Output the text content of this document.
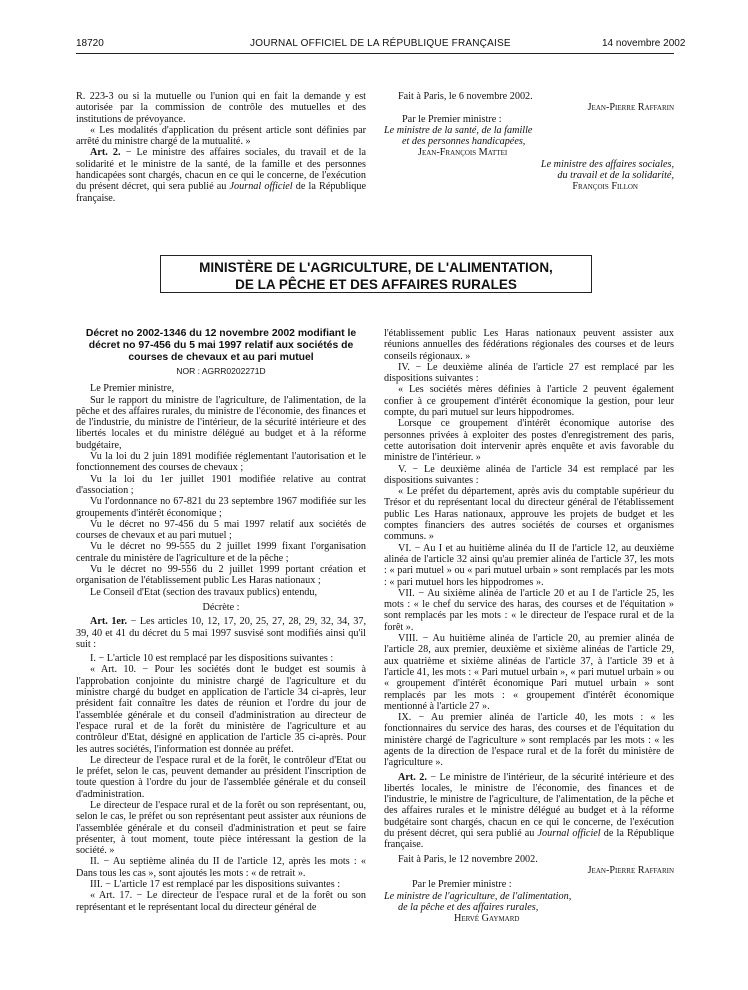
18720	JOURNAL OFFICIEL DE LA RÉPUBLIQUE FRANÇAISE	14 novembre 2002

R. 223-3 ou si la mutuelle ou l'union qui en fait la demande y est autorisée par la commission de contrôle des mutuelles et des institutions de prévoyance.

« Les modalités d'application du présent article sont définies par arrêté du ministre chargé de la mutualité. »

Art. 2. − Le ministre des affaires sociales, du travail et de la solidarité et le ministre de la santé, de la famille et des personnes handicapées sont chargés, chacun en ce qui le concerne, de l'exécution du présent décret, qui sera publié au Journal officiel de la République française.

Fait à Paris, le 6 novembre 2002.

Jean-Pierre Raffarin

Par le Premier ministre :

Le ministre de la santé, de la famille

et des personnes handicapées,

Jean-François Mattei

Le ministre des affaires sociales,

du travail et de la solidarité,

François Fillon

MINISTÈRE DE L'AGRICULTURE, DE L'ALIMENTATION,
DE LA PÊCHE ET DES AFFAIRES RURALES

Décret no 2002-1346 du 12 novembre 2002 modifiant le décret no 97-456 du 5 mai 1997 relatif aux sociétés de courses de chevaux et au pari mutuel

NOR : AGRR0202271D

Le Premier ministre,

Sur le rapport du ministre de l'agriculture, de l'alimentation, de la pêche et des affaires rurales, du ministre de l'économie, des finances et de l'industrie, du ministre de l'intérieur, de la sécurité intérieure et des libertés locales et du ministre délégué au budget et à la réforme budgétaire,

Vu la loi du 2 juin 1891 modifiée réglementant l'autorisation et le fonctionnement des courses de chevaux ;

Vu la loi du 1er juillet 1901 modifiée relative au contrat d'association ;

Vu l'ordonnance no 67-821 du 23 septembre 1967 modifiée sur les groupements d'intérêt économique ;

Vu le décret no 97-456 du 5 mai 1997 relatif aux sociétés de courses de chevaux et au pari mutuel ;

Vu le décret no 99-555 du 2 juillet 1999 fixant l'organisation centrale du ministère de l'agriculture et de la pêche ;

Vu le décret no 99-556 du 2 juillet 1999 portant création et organisation de l'établissement public Les Haras nationaux ;

Le Conseil d'Etat (section des travaux publics) entendu,

Décrète :

Art. 1er. − Les articles 10, 12, 17, 20, 25, 27, 28, 29, 32, 34, 37, 39, 40 et 41 du décret du 5 mai 1997 susvisé sont modifiés ainsi qu'il suit :

I. − L'article 10 est remplacé par les dispositions suivantes :

« Art. 10. − Pour les sociétés dont le budget est soumis à l'approbation conjointe du ministre chargé de l'agriculture et du ministre chargé du budget en application de l'article 34 ci-après, leur président fait connaître les dates de réunion et l'ordre du jour de l'assemblée générale et du conseil d'administration au directeur de l'espace rural et de la forêt du ministère de l'agriculture et au contrôleur d'Etat, désigné en application de l'article 35 ci-après. Pour les autres sociétés, l'information est donnée au préfet.

Le directeur de l'espace rural et de la forêt, le contrôleur d'Etat ou le préfet, selon le cas, peuvent demander au président l'inscription de toute question à l'ordre du jour de l'assemblée générale et du conseil d'administration.

Le directeur de l'espace rural et de la forêt ou son représentant, ou, selon le cas, le préfet ou son représentant peut assister aux réunions de l'assemblée générale et du conseil d'administration et peut se faire présenter, à tout moment, toute pièce intéressant la gestion de la société. »

II. − Au septième alinéa du II de l'article 12, après les mots : « Dans tous les cas », sont ajoutés les mots : « de retrait ».

III. − L'article 17 est remplacé par les dispositions suivantes :

« Art. 17. − Le directeur de l'espace rural et de la forêt ou son représentant et le représentant local du directeur général de

l'établissement public Les Haras nationaux peuvent assister aux réunions annuelles des fédérations régionales des courses et de leurs conseils régionaux. »

IV. − Le deuxième alinéa de l'article 27 est remplacé par les dispositions suivantes :

« Les sociétés mères définies à l'article 2 peuvent également confier à ce groupement d'intérêt économique la gestion, pour leur compte, du pari mutuel sur leurs hippodromes.

Lorsque ce groupement d'intérêt économique autorise des personnes privées à exploiter des postes d'enregistrement des paris, cette autorisation doit intervenir après enquête et avis favorable du ministre de l'intérieur. »

V. − Le deuxième alinéa de l'article 34 est remplacé par les dispositions suivantes :

« Le préfet du département, après avis du comptable supérieur du Trésor et du représentant local du directeur général de l'établissement public Les Haras nationaux, approuve les projets de budget et les comptes financiers des autres sociétés de courses et organismes communs. »

VI. − Au I et au huitième alinéa du II de l'article 12, au deuxième alinéa de l'article 32 ainsi qu'au premier alinéa de l'article 37, les mots : « pari mutuel » ou « pari mutuel urbain » sont remplacés par les mots : « pari mutuel hors les hippodromes ».

VII. − Au sixième alinéa de l'article 20 et au I de l'article 25, les mots : « le chef du service des haras, des courses et de l'équitation » sont remplacés par les mots : « le directeur de l'espace rural et de la forêt ».

VIII. − Au huitième alinéa de l'article 20, au premier alinéa de l'article 28, aux premier, deuxième et sixième alinéas de l'article 29, aux quatrième et sixième alinéas de l'article 37, à l'article 39 et à l'article 41, les mots : « Pari mutuel urbain », « pari mutuel urbain » ou « groupement d'intérêt économique Pari mutuel urbain » sont remplacés par les mots : « groupement d'intérêt économique mentionné à l'article 27 ».

IX. − Au premier alinéa de l'article 40, les mots : « les fonctionnaires du service des haras, des courses et de l'équitation du ministère chargé de l'agriculture » sont remplacés par les mots : « les agents de la direction de l'espace rural et de la forêt du ministère de l'agriculture ».

Art. 2. − Le ministre de l'intérieur, de la sécurité intérieure et des libertés locales, le ministre de l'économie, des finances et de l'industrie, le ministre de l'agriculture, de l'alimentation, de la pêche et des affaires rurales et le ministre délégué au budget et à la réforme budgétaire sont chargés, chacun en ce qui le concerne, de l'exécution du présent décret, qui sera publié au Journal officiel de la République française.

Fait à Paris, le 12 novembre 2002.

Jean-Pierre Raffarin

Par le Premier ministre :

Le ministre de l'agriculture, de l'alimentation,

de la pêche et des affaires rurales,

Hervé Gaymard
